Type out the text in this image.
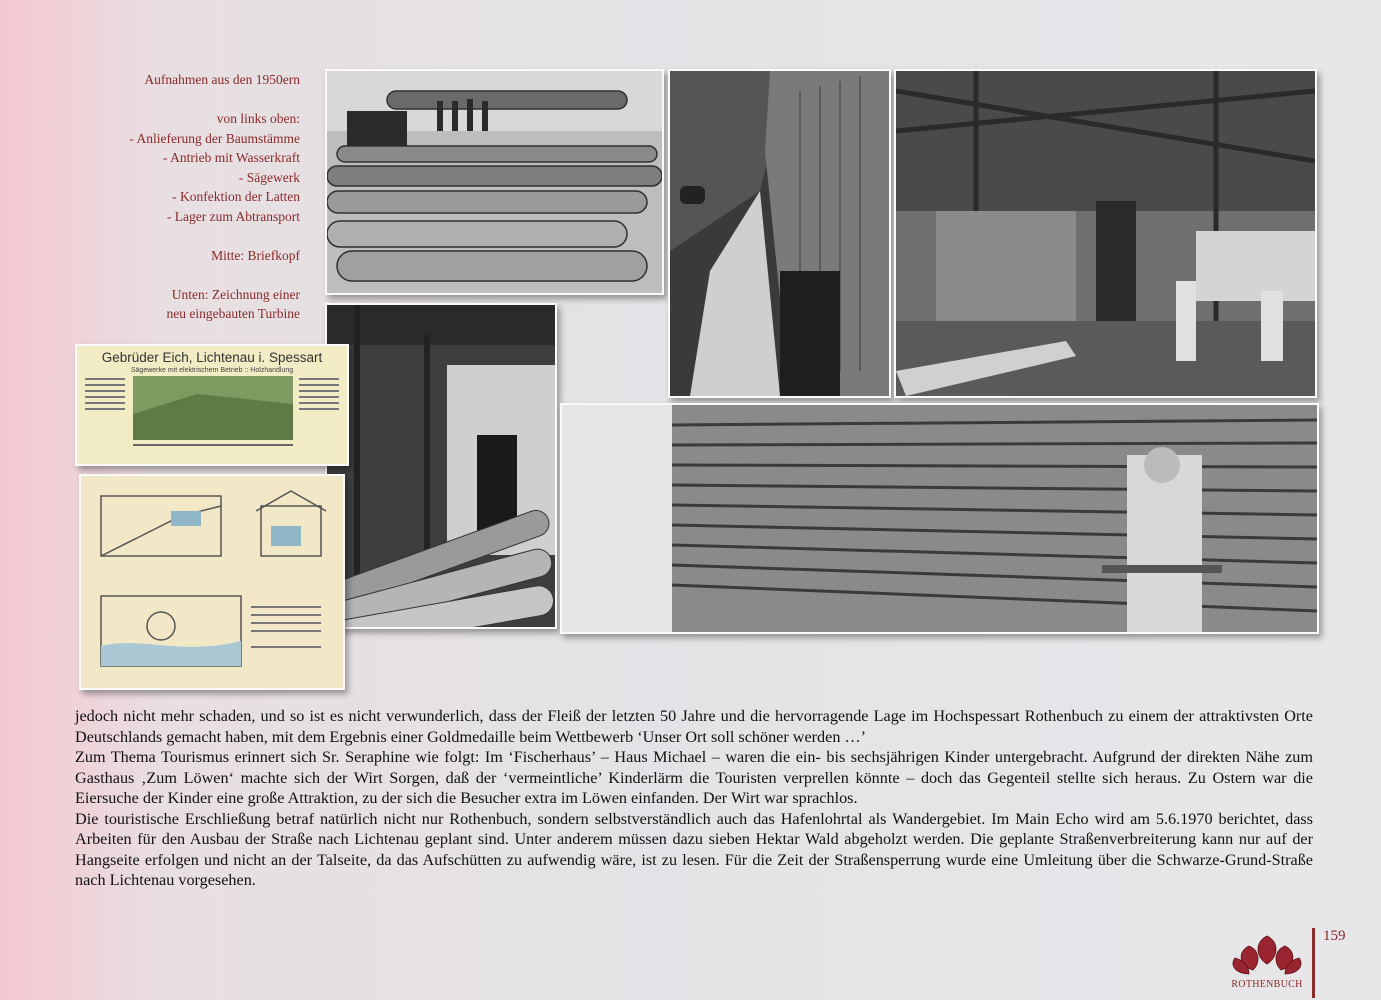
Aufnahmen aus den 1950ern

von links oben:
- Anlieferung der Baumstämme
- Antrieb mit Wasserkraft
- Sägewerk
- Konfektion der Latten
- Lager zum Abtransport

Mitte: Briefkopf

Unten: Zeichnung einer
neu eingebauten Turbine
Gebrüder Eich, Lichtenau i. Spessart
Sägewerke mit elektrischem Betrieb :: Holzhandlung

jedoch nicht mehr schaden, und so ist es nicht verwunderlich, dass der Fleiß der letzten 50 Jahre und die hervorragende Lage im Hochspessart Rothenbuch zu einem der attraktivsten Orte Deutschlands gemacht haben, mit dem Ergebnis einer Goldmedaille beim Wettbewerb ‘Unser Ort soll schöner werden …’

Zum Thema Tourismus erinnert sich Sr. Seraphine wie folgt: Im ‘Fischerhaus’ – Haus Michael – waren die ein- bis sechsjährigen Kinder untergebracht. Aufgrund der direkten Nähe zum Gasthaus ‚Zum Löwen‘ machte sich der Wirt Sorgen, daß der ‘vermeintliche’ Kinderlärm die Touristen verprellen könnte – doch das Gegenteil stellte sich heraus. Zu Ostern war die Eiersuche der Kinder eine große Attraktion, zu der sich die Besucher extra im Löwen einfanden. Der Wirt war sprachlos.

Die touristische Erschließung betraf natürlich nicht nur Rothenbuch, sondern selbstverständlich auch das Hafenlohrtal als Wandergebiet. Im Main Echo wird am 5.6.1970 berichtet, dass Arbeiten für den Ausbau der Straße nach Lichtenau geplant sind. Unter anderem müssen dazu sieben Hektar Wald abgeholzt werden. Die geplante Straßenverbreiterung kann nur auf der Hangseite erfolgen und nicht an der Talseite, da das Aufschütten zu aufwendig wäre, ist zu lesen. Für die Zeit der Straßensperrung wurde eine Umleitung über die Schwarze-Grund-Straße nach Lichtenau vorgesehen.

ROTHENBUCH
159
